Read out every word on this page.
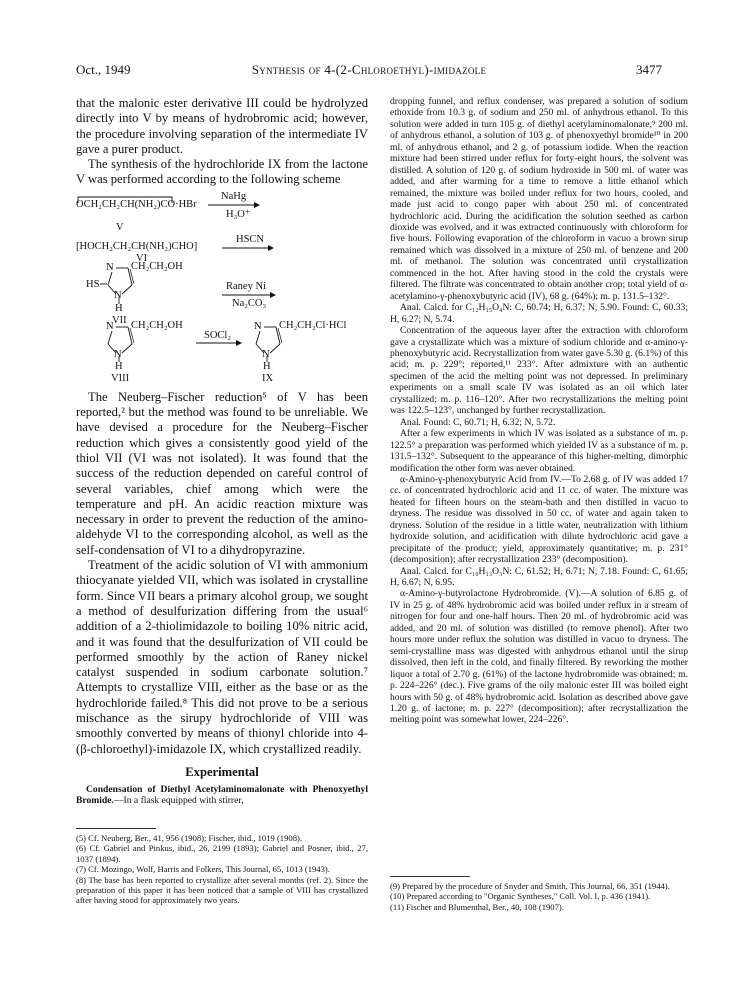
Oct., 1949	Synthesis of 4-(2-Chloroethyl)-imidazole	3477

that the malonic ester derivative III could be hydrolyzed directly into V by means of hydrobromic acid; however, the procedure involving separation of the intermediate IV gave a purer product.

The synthesis of the hydrochloride IX from the lactone V was performed according to the following scheme

OCH₂CH₂CH(NH₂)CO·HBr
NaHg
H₃O⁺
V
[HOCH₂CH₂CH(NH₂)CHO]
HSCN
VI
N CH₂CH₂OH
HS
N
H
Raney Ni
Na₂CO₃
VII
N CH₂CH₂OH
N
H
VIII
SOCl₂
N CH₂CH₂Cl·HCl
N
H
IX

The Neuberg–Fischer reduction⁵ of V has been reported,² but the method was found to be unreliable. We have devised a procedure for the Neuberg–Fischer reduction which gives a consistently good yield of the thiol VII (VI was not isolated). It was found that the success of the reduction depended on careful control of several variables, chief among which were the temperature and pH. An acidic reaction mixture was necessary in order to prevent the reduction of the amino-aldehyde VI to the corresponding alcohol, as well as the self-condensation of VI to a dihydropyrazine.

Treatment of the acidic solution of VI with ammonium thiocyanate yielded VII, which was isolated in crystalline form. Since VII bears a primary alcohol group, we sought a method of desulfurization differing from the usual⁶ addition of a 2-thiolimidazole to boiling 10% nitric acid, and it was found that the desulfurization of VII could be performed smoothly by the action of Raney nickel catalyst suspended in sodium carbonate solution.⁷ Attempts to crystallize VIII, either as the base or as the hydrochloride failed.⁸ This did not prove to be a serious mischance as the sirupy hydrochloride of VIII was smoothly converted by means of thionyl chloride into 4-(β-chloroethyl)-imidazole IX, which crystallized readily.

Experimental

Condensation of Diethyl Acetylaminomalonate with Phenoxyethyl Bromide.—In a flask equipped with stirrer,

(5) Cf. Neuberg, Ber., 41, 956 (1908); Fischer, ibid., 1019 (1908).

(6) Cf. Gabriel and Pinkus, ibid., 26, 2199 (1893); Gabriel and Posner, ibid., 27, 1037 (1894).

(7) Cf. Mozingo, Wolf, Harris and Folkers, This Journal, 65, 1013 (1943).

(8) The base has been reported to crystallize after several months (ref. 2). Since the preparation of this paper it has been noticed that a sample of VIII has crystallized after having stood for approximately two years.

dropping funnel, and reflux condenser, was prepared a solution of sodium ethoxide from 10.3 g. of sodium and 250 ml. of anhydrous ethanol. To this solution were added in turn 105 g. of diethyl acetylaminomalonate,⁹ 200 ml. of anhydrous ethanol, a solution of 103 g. of phenoxyethyl bromide¹⁰ in 200 ml. of anhydrous ethanol, and 2 g. of potassium iodide. When the reaction mixture had been stirred under reflux for forty-eight hours, the solvent was distilled. A solution of 120 g. of sodium hydroxide in 500 ml. of water was added, and after warming for a time to remove a little ethanol which remained, the mixture was boiled under reflux for two hours, cooled, and made just acid to congo paper with about 250 ml. of concentrated hydrochloric acid. During the acidification the solution seethed as carbon dioxide was evolved, and it was extracted continuously with chloroform for five hours. Following evaporation of the chloroform in vacuo a brown sirup remained which was dissolved in a mixture of 250 ml. of benzene and 200 ml. of methanol. The solution was concentrated until crystallization commenced in the hot. After having stood in the cold the crystals were filtered. The filtrate was concentrated to obtain another crop; total yield of α-acetylamino-γ-phenoxybutyric acid (IV), 68 g. (64%); m. p. 131.5–132°.

Anal. Calcd. for C₁₂H₁₅O₄N: C, 60.74; H, 6.37; N, 5.90. Found: C, 60.33; H, 6.27; N, 5.74.

Concentration of the aqueous layer after the extraction with chloroform gave a crystallizate which was a mixture of sodium chloride and α-amino-γ-phenoxybutyric acid. Recrystallization from water gave 5.30 g. (6.1%) of this acid; m. p. 229°; reported,¹¹ 233°. After admixture with an authentic specimen of the acid the melting point was not depressed. In preliminary experiments on a small scale IV was isolated as an oil which later crystallized; m. p. 116–120°. After two recrystallizations the melting point was 122.5–123°, unchanged by further recrystallization.

Anal. Found: C, 60.71; H, 6.32; N, 5.72.

After a few experiments in which IV was isolated as a substance of m. p. 122.5° a preparation was performed which yielded IV as a substance of m. p. 131.5–132°. Subsequent to the appearance of this higher-melting, dimorphic modification the other form was never obtained.

α-Amino-γ-phenoxybutyric Acid from IV.—To 2.68 g. of IV was added 17 cc. of concentrated hydrochloric acid and 11 cc. of water. The mixture was heated for fifteen hours on the steam-bath and then distilled in vacuo to dryness. The residue was dissolved in 50 cc. of water and again taken to dryness. Solution of the residue in a little water, neutralization with lithium hydroxide solution, and acidification with dilute hydrochloric acid gave a precipitate of the product; yield, approximately quantitative; m. p. 231° (decomposition); after recrystallization 233° (decomposition).

Anal. Calcd. for C₁₀H₁₃O₃N: C, 61.52; H, 6.71; N, 7.18. Found: C, 61.65; H, 6.67; N, 6.95.

α-Amino-γ-butyrolactone Hydrobromide. (V).—A solution of 6.85 g. of IV in 25 g. of 48% hydrobromic acid was boiled under reflux in a stream of nitrogen for four and one-half hours. Then 20 ml. of hydrobromic acid was added, and 20 ml. of solution was distilled (to remove phenol). After two hours more under reflux the solution was distilled in vacuo to dryness. The semi-crystalline mass was digested with anhydrous ethanol until the sirup dissolved, then left in the cold, and finally filtered. By reworking the mother liquor a total of 2.70 g. (61%) of the lactone hydrobromide was obtained; m. p. 224–226° (dec.). Five grams of the oily malonic ester III was boiled eight hours with 50 g. of 48% hydrobromic acid. Isolation as described above gave 1.20 g. of lactone; m. p. 227° (decomposition); after recrystallization the melting point was somewhat lower, 224–226°.

(9) Prepared by the procedure of Snyder and Smith, This Journal, 66, 351 (1944).

(10) Prepared according to "Organic Syntheses," Coll. Vol. I, p. 436 (1941).

(11) Fischer and Blumenthal, Ber., 40, 108 (1907).
